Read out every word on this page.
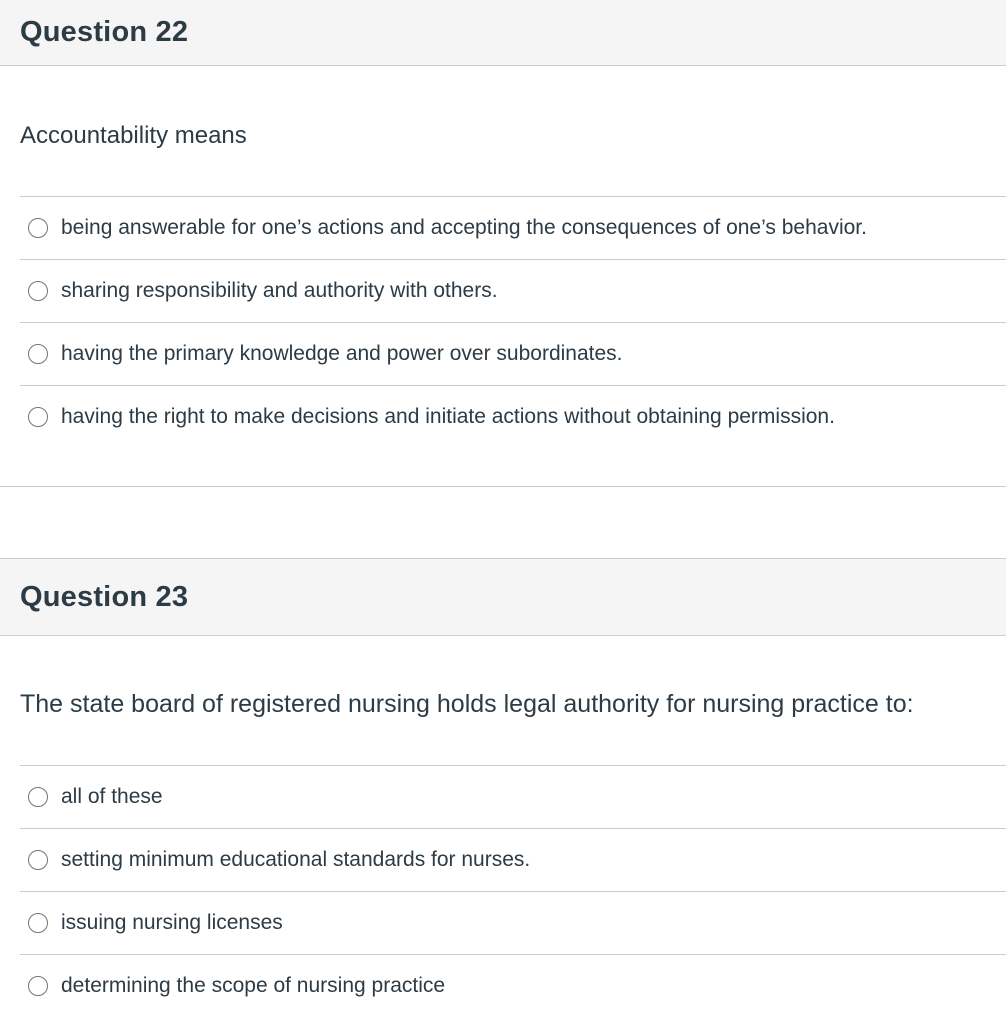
Question 22
Accountability means
being answerable for one’s actions and accepting the consequences of one’s behavior.
sharing responsibility and authority with others.
having the primary knowledge and power over subordinates.
having the right to make decisions and initiate actions without obtaining permission.
Question 23
The state board of registered nursing holds legal authority for nursing practice to:
all of these
setting minimum educational standards for nurses.
issuing nursing licenses
determining the scope of nursing practice
